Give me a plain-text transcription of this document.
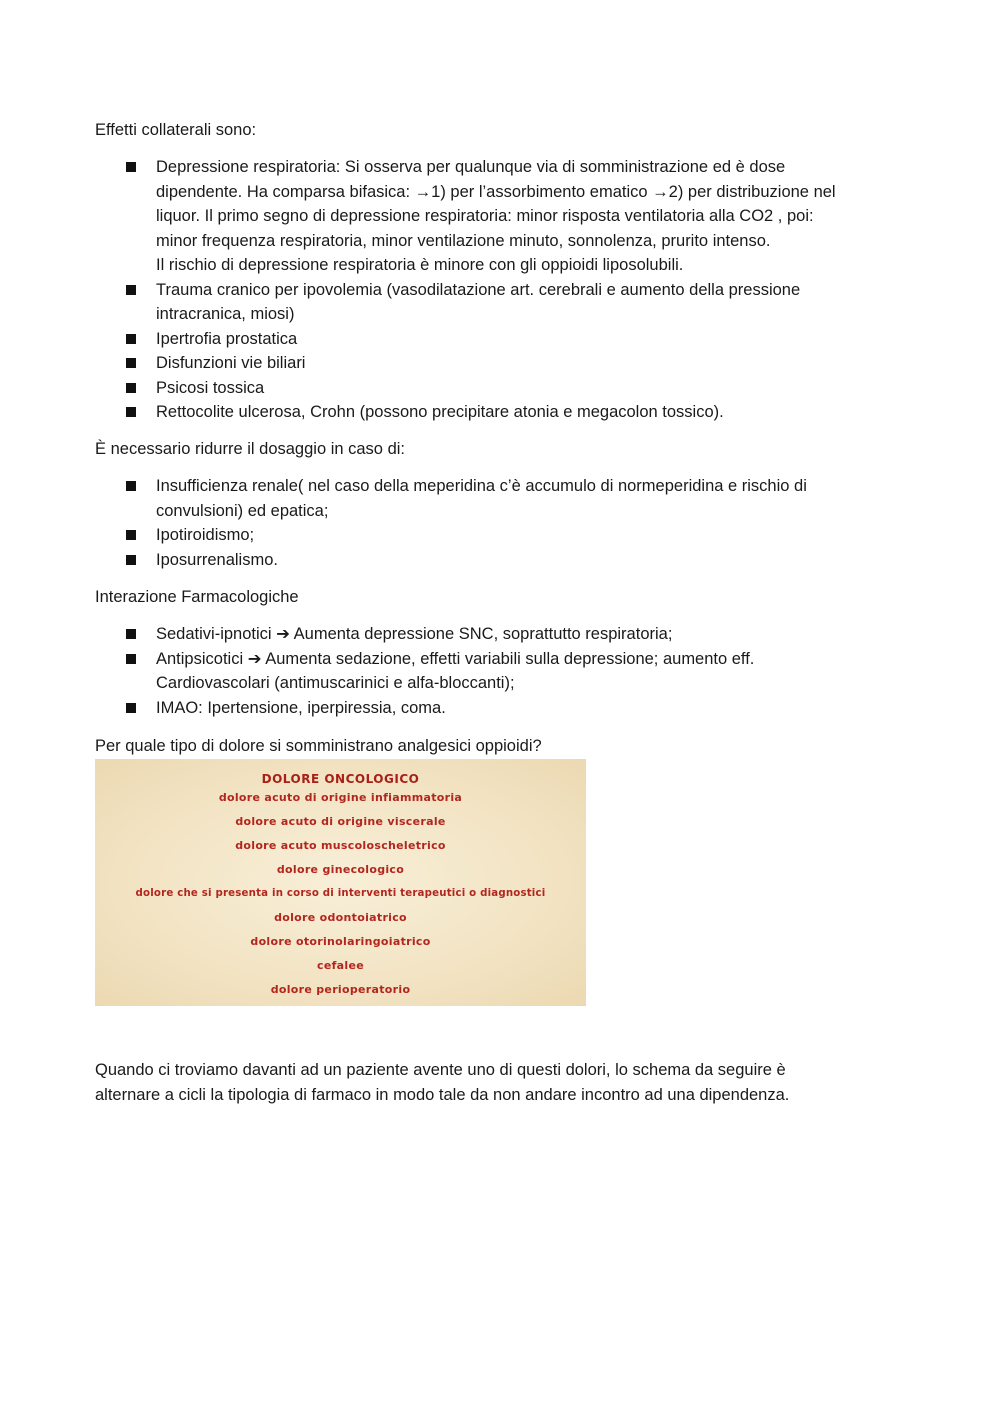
Effetti collaterali sono:
Depressione respiratoria: Si osserva per qualunque via di somministrazione ed è dose
dipendente. Ha comparsa bifasica: →1) per l’assorbimento ematico →2) per distribuzione nel
liquor. Il primo segno di depressione respiratoria: minor risposta ventilatoria alla CO2 , poi:
minor frequenza respiratoria, minor ventilazione minuto, sonnolenza, prurito intenso.
Il rischio di depressione respiratoria è minore con gli oppioidi liposolubili.
Trauma cranico per ipovolemia (vasodilatazione art. cerebrali e aumento della pressione
intracranica, miosi)
Ipertrofia prostatica
Disfunzioni vie biliari
Psicosi tossica
Rettocolite ulcerosa, Crohn (possono precipitare atonia e megacolon tossico).
È necessario ridurre il dosaggio in caso di:
Insufficienza renale( nel caso della meperidina c’è accumulo di normeperidina e rischio di
convulsioni) ed epatica;
Ipotiroidismo;
Iposurrenalismo.
Interazione Farmacologiche
Sedativi-ipnotici ➔ Aumenta depressione SNC, soprattutto respiratoria;
Antipsicotici ➔ Aumenta sedazione, effetti variabili sulla depressione; aumento eff.
Cardiovascolari (antimuscarinici e alfa-bloccanti);
IMAO: Ipertensione, iperpiressia, coma.
Per quale tipo di dolore si somministrano analgesici oppioidi?
DOLORE ONCOLOGICO
dolore acuto di origine infiammatoria
dolore acuto di origine viscerale
dolore acuto muscoloscheletrico
dolore ginecologico
dolore che si presenta in corso di interventi terapeutici o diagnostici
dolore odontoiatrico
dolore otorinolaringoiatrico
cefalee
dolore perioperatorio
Quando ci troviamo davanti ad un paziente avente uno di questi dolori, lo schema da seguire è
alternare a cicli la tipologia di farmaco in modo tale da non andare incontro ad una dipendenza.
